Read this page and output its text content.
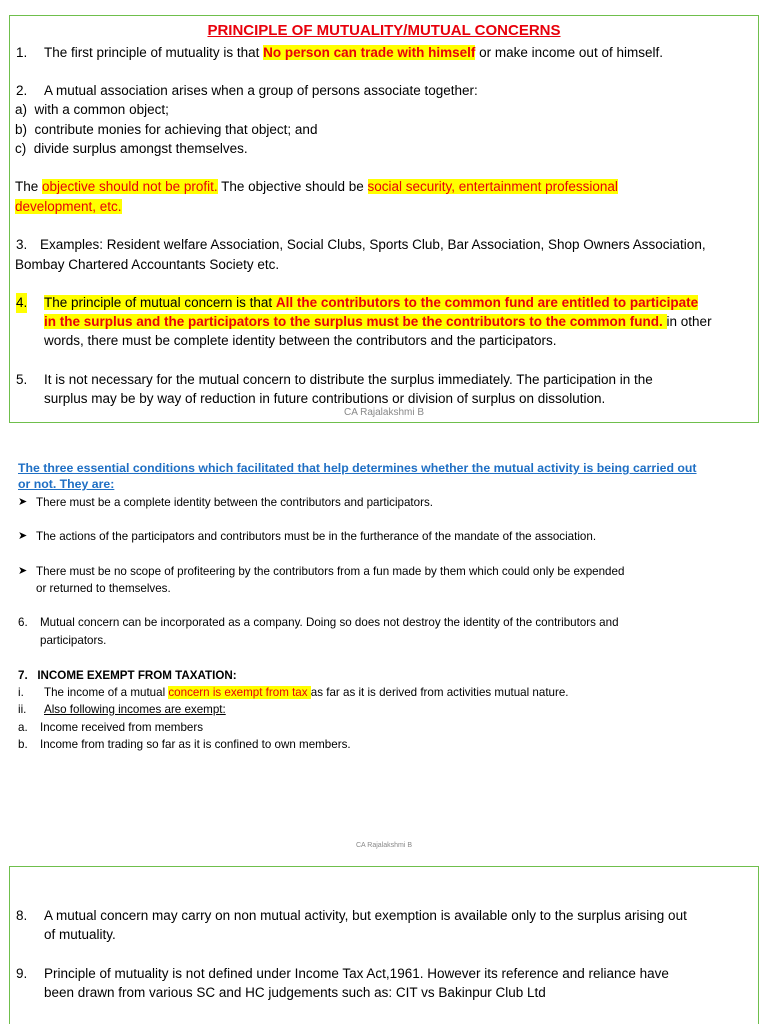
PRINCIPLE OF MUTUALITY/MUTUAL CONCERNS
1. The first principle of mutuality is that No person can trade with himself or make income out of himself.
2. A mutual association arises when a group of persons associate together:
a) with a common object;
b) contribute monies for achieving that object; and
c) divide surplus amongst themselves.
The objective should not be profit. The objective should be social security, entertainment professional
development, etc.
3. Examples: Resident welfare Association, Social Clubs, Sports Club, Bar Association, Shop Owners Association,
Bombay Chartered Accountants Society etc.
4. The principle of mutual concern is that All the contributors to the common fund are entitled to participate
in the surplus and the participators to the surplus must be the contributors to the common fund. in other
words, there must be complete identity between the contributors and the participators.
5. It is not necessary for the mutual concern to distribute the surplus immediately. The participation in the
surplus may be by way of reduction in future contributions or division of surplus on dissolution.
CA Rajalakshmi B
The three essential conditions which facilitated that help determines whether the mutual activity is being carried out
or not. They are:
➤ There must be a complete identity between the contributors and participators.
➤ The actions of the participators and contributors must be in the furtherance of the mandate of the association.
➤ There must be no scope of profiteering by the contributors from a fun made by them which could only be expended
or returned to themselves.
6. Mutual concern can be incorporated as a company. Doing so does not destroy the identity of the contributors and
participators.
7.   INCOME EXEMPT FROM TAXATION:
i. The income of a mutual concern is exempt from tax as far as it is derived from activities mutual nature.
ii. Also following incomes are exempt:
a. Income received from members
b. Income from trading so far as it is confined to own members.
CA Rajalakshmi B
8. A mutual concern may carry on non mutual activity, but exemption is available only to the surplus arising out
of mutuality.
9. Principle of mutuality is not defined under Income Tax Act,1961. However its reference and reliance have
been drawn from various SC and HC judgements such as: CIT vs Bakinpur Club Ltd
